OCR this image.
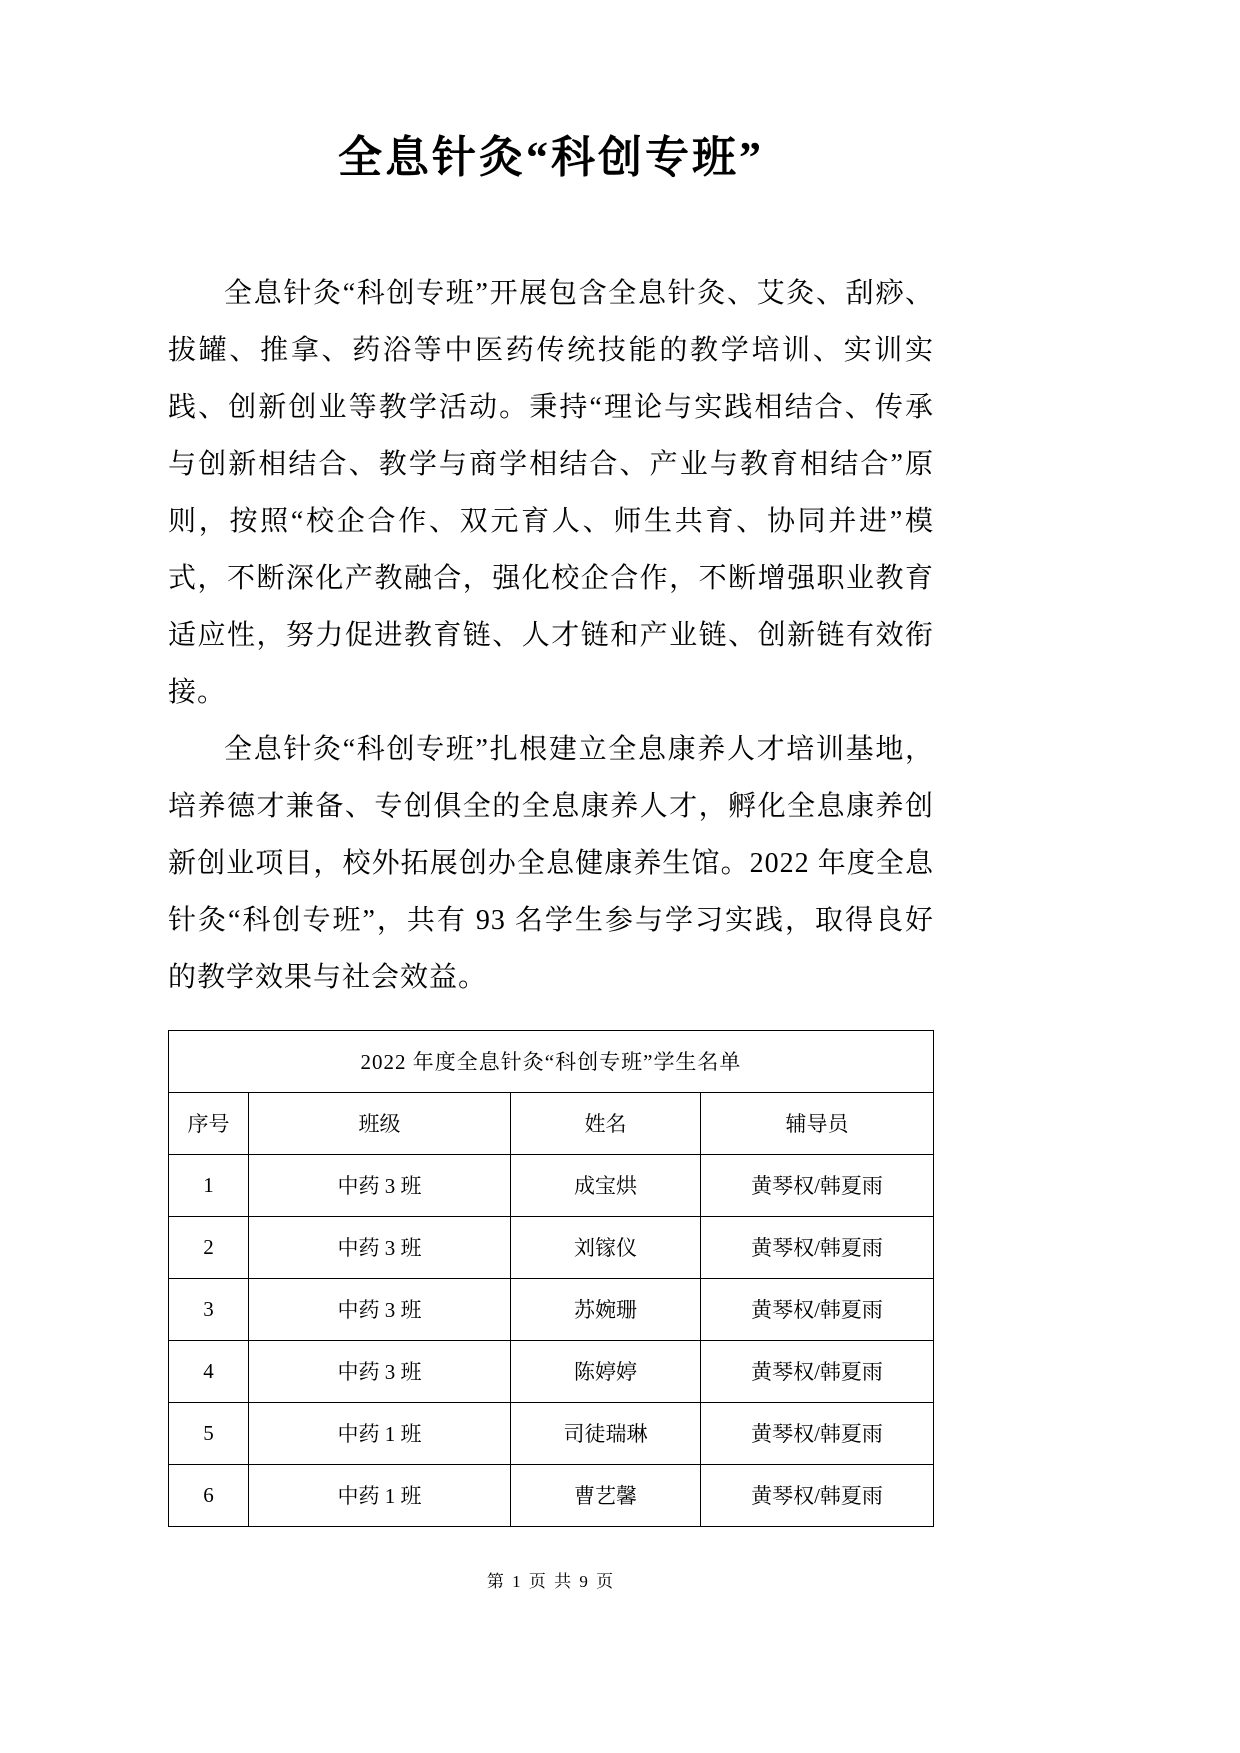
全息针灸“科创专班”

全息针灸“科创专班”开展包含全息针灸、艾灸、刮痧、拔罐、推拿、药浴等中医药传统技能的教学培训、实训实践、创新创业等教学活动。秉持“理论与实践相结合、传承与创新相结合、教学与商学相结合、产业与教育相结合”原则，按照“校企合作、双元育人、师生共育、协同并进”模式，不断深化产教融合，强化校企合作，不断增强职业教育适应性，努力促进教育链、人才链和产业链、创新链有效衔接。

全息针灸“科创专班”扎根建立全息康养人才培训基地，培养德才兼备、专创俱全的全息康养人才，孵化全息康养创新创业项目，校外拓展创办全息健康养生馆。2022 年度全息针灸“科创专班”，共有 93 名学生参与学习实践，取得良好的教学效果与社会效益。

2022 年度全息针灸“科创专班”学生名单			
序号	班级	姓名	辅导员
1	中药 3 班	成宝烘	黄琴权/韩夏雨
2	中药 3 班	刘镓仪	黄琴权/韩夏雨
3	中药 3 班	苏婉珊	黄琴权/韩夏雨
4	中药 3 班	陈婷婷	黄琴权/韩夏雨
5	中药 1 班	司徒瑞琳	黄琴权/韩夏雨
6	中药 1 班	曹艺馨	黄琴权/韩夏雨
第 1 页 共 9 页
